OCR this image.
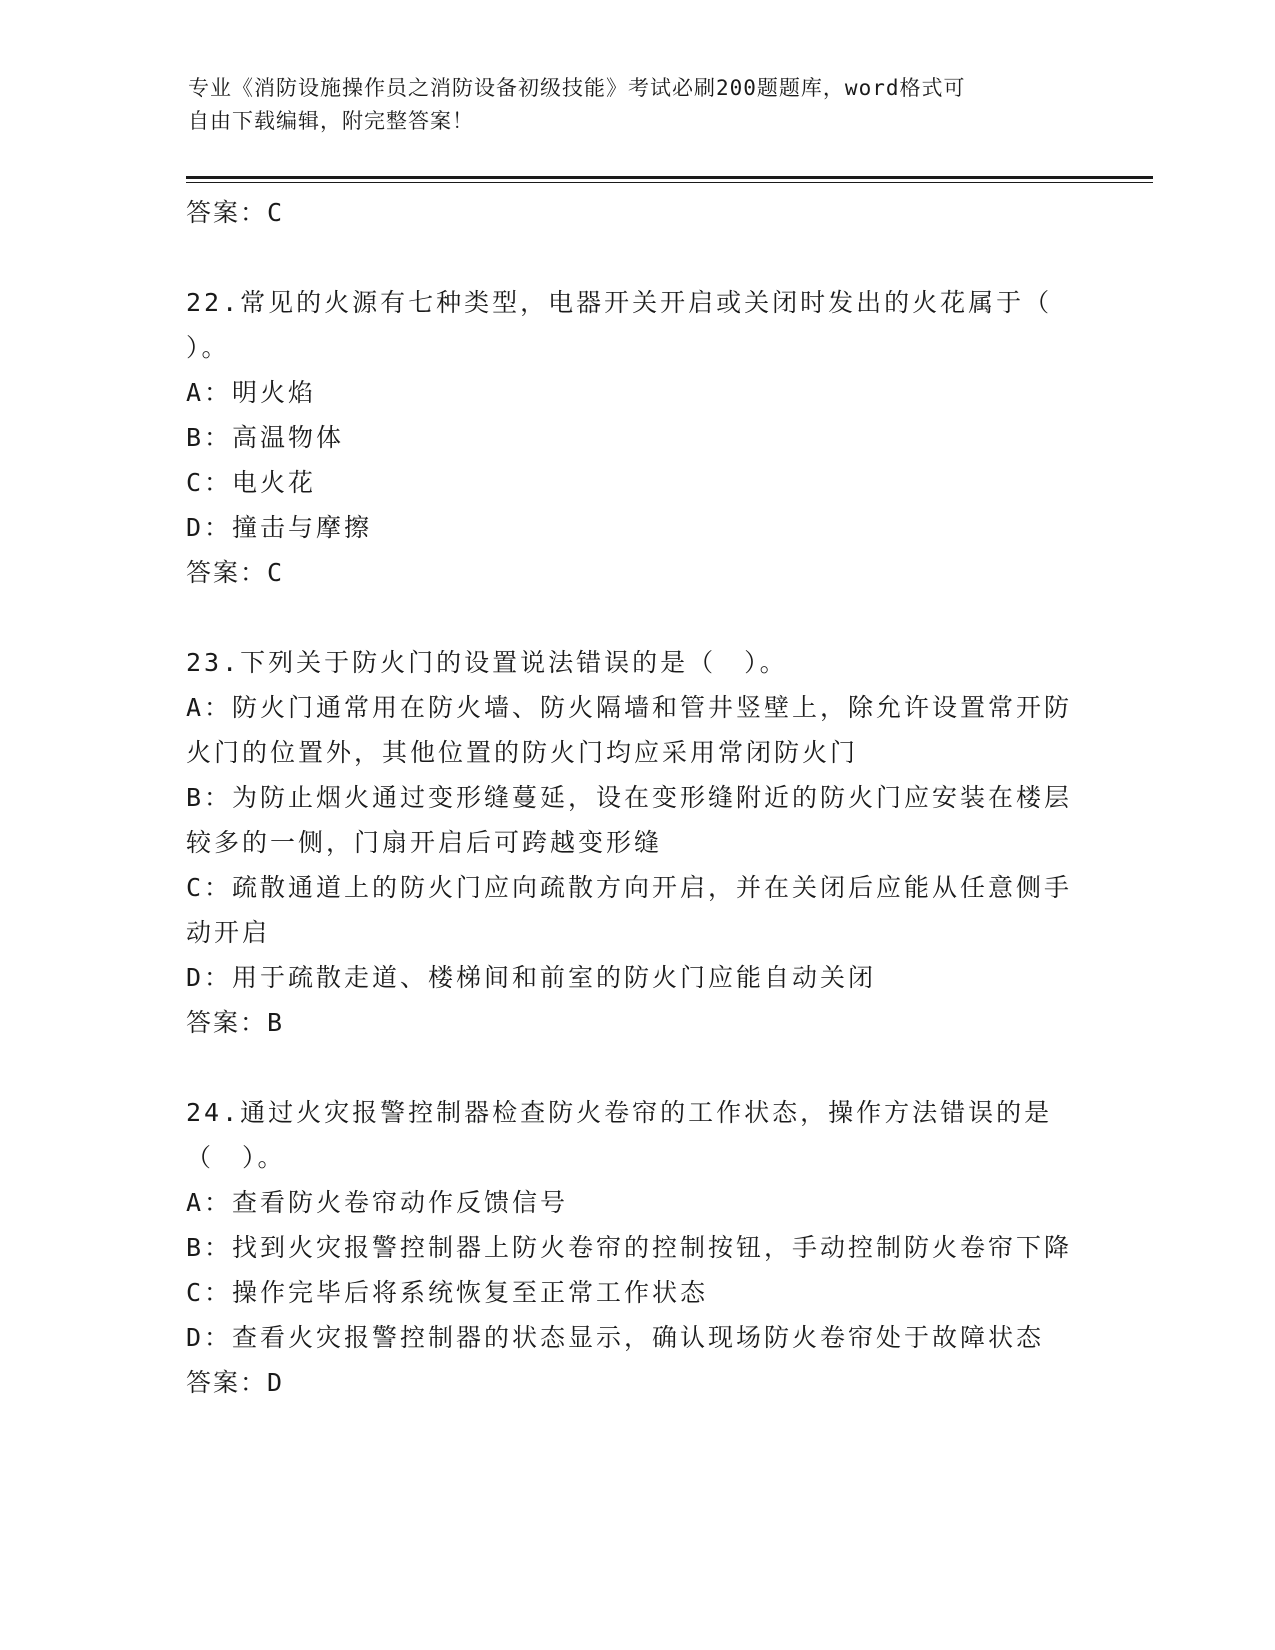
专业《消防设施操作员之消防设备初级技能》考试必刷200题题库，word格式可
自由下载编辑，附完整答案！
答案：C
22.常见的火源有七种类型，电器开关开启或关闭时发出的火花属于（ ）。
A：明火焰
B：高温物体
C：电火花
D：撞击与摩擦
答案：C
23.下列关于防火门的设置说法错误的是（　）。
A：防火门通常用在防火墙、防火隔墙和管井竖壁上，除允许设置常开防火门的位置外，其他位置的防火门均应采用常闭防火门
B：为防止烟火通过变形缝蔓延，设在变形缝附近的防火门应安装在楼层较多的一侧，门扇开启后可跨越变形缝
C：疏散通道上的防火门应向疏散方向开启，并在关闭后应能从任意侧手动开启
D：用于疏散走道、楼梯间和前室的防火门应能自动关闭
答案：B
24.通过火灾报警控制器检查防火卷帘的工作状态，操作方法错误的是（　）。
A：查看防火卷帘动作反馈信号
B：找到火灾报警控制器上防火卷帘的控制按钮，手动控制防火卷帘下降
C：操作完毕后将系统恢复至正常工作状态
D：查看火灾报警控制器的状态显示，确认现场防火卷帘处于故障状态
答案：D
